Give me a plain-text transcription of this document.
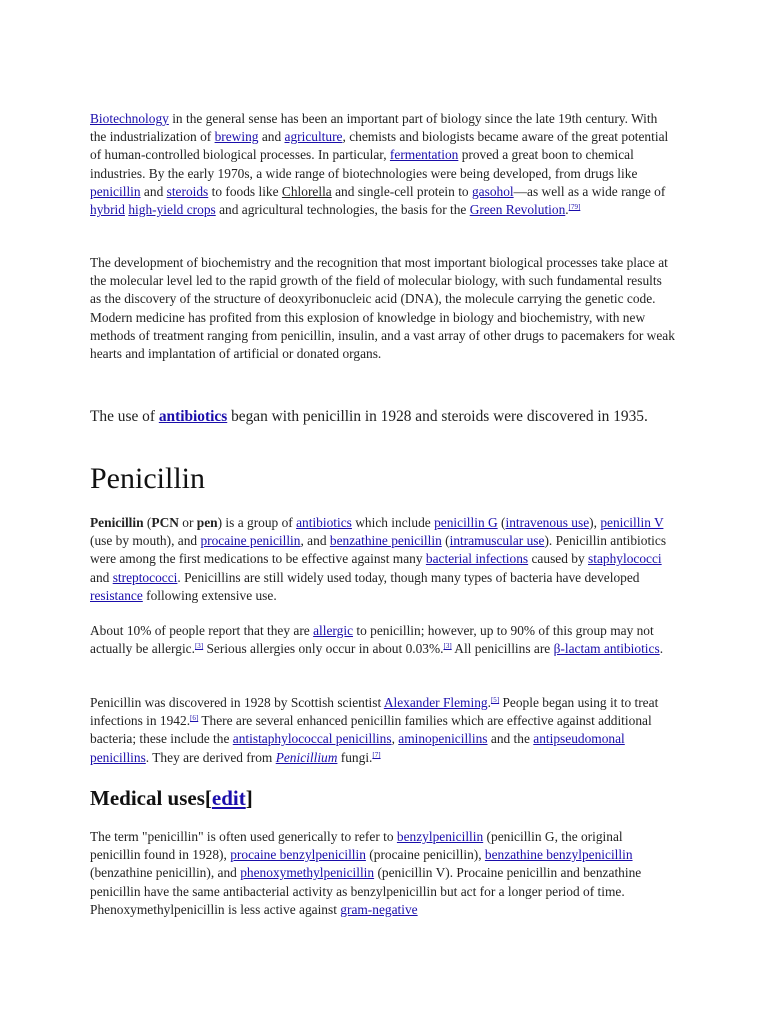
Biotechnology in the general sense has been an important part of biology since the late 19th century. With the industrialization of brewing and agriculture, chemists and biologists became aware of the great potential of human-controlled biological processes. In particular, fermentation proved a great boon to chemical industries. By the early 1970s, a wide range of biotechnologies were being developed, from drugs like penicillin and steroids to foods like Chlorella and single-cell protein to gasohol—as well as a wide range of hybrid high-yield crops and agricultural technologies, the basis for the Green Revolution.[79]

The development of biochemistry and the recognition that most important biological processes take place at the molecular level led to the rapid growth of the field of molecular biology, with such fundamental results as the discovery of the structure of deoxyribonucleic acid (DNA), the molecule carrying the genetic code. Modern medicine has profited from this explosion of knowledge in biology and biochemistry, with new methods of treatment ranging from penicillin, insulin, and a vast array of other drugs to pacemakers for weak hearts and implantation of artificial or donated organs.

The use of antibiotics began with penicillin in 1928 and steroids were discovered in 1935.

Penicillin

Penicillin (PCN or pen) is a group of antibiotics which include penicillin G (intravenous use), penicillin V (use by mouth), and procaine penicillin, and benzathine penicillin (intramuscular use). Penicillin antibiotics were among the first medications to be effective against many bacterial infections caused by staphylococci and streptococci. Penicillins are still widely used today, though many types of bacteria have developed resistance following extensive use.

About 10% of people report that they are allergic to penicillin; however, up to 90% of this group may not actually be allergic.[3] Serious allergies only occur in about 0.03%.[3] All penicillins are β-lactam antibiotics.

Penicillin was discovered in 1928 by Scottish scientist Alexander Fleming.[5] People began using it to treat infections in 1942.[6] There are several enhanced penicillin families which are effective against additional bacteria; these include the antistaphylococcal penicillins, aminopenicillins and the antipseudomonal penicillins. They are derived from Penicillium fungi.[7]

Medical uses[edit]

The term "penicillin" is often used generically to refer to benzylpenicillin (penicillin G, the original penicillin found in 1928), procaine benzylpenicillin (procaine penicillin), benzathine benzylpenicillin (benzathine penicillin), and phenoxymethylpenicillin (penicillin V). Procaine penicillin and benzathine penicillin have the same antibacterial activity as benzylpenicillin but act for a longer period of time. Phenoxymethylpenicillin is less active against gram-negative
